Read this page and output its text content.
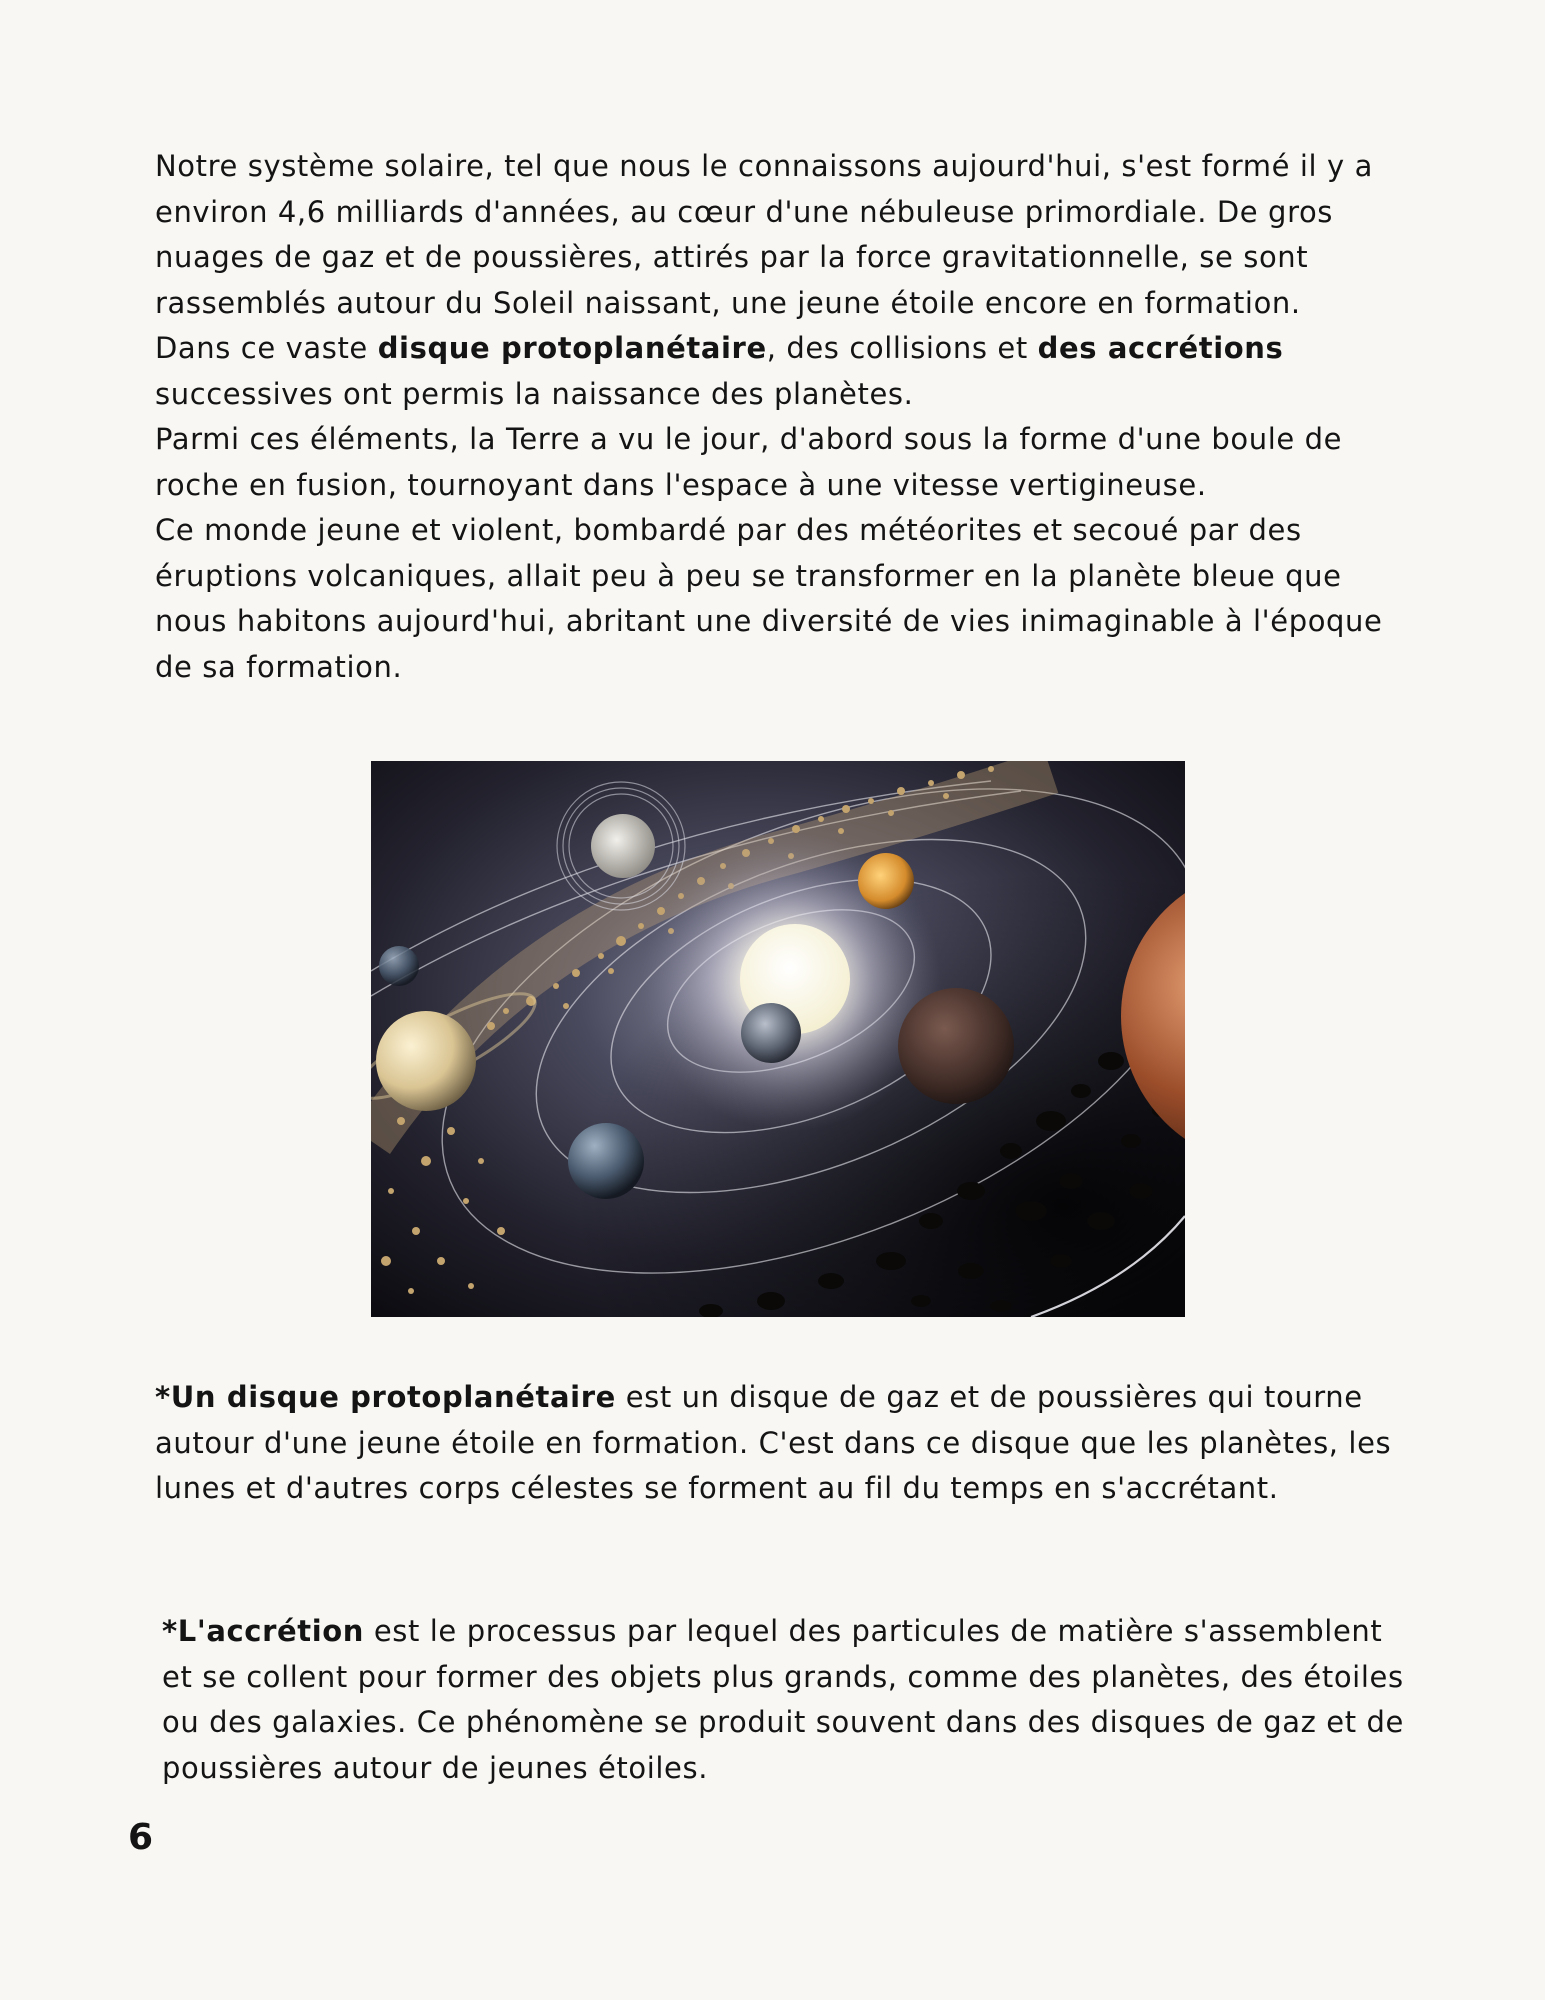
Notre système solaire, tel que nous le connaissons aujourd'hui, s'est formé il y a environ 4,6 milliards d'années, au cœur d'une nébuleuse primordiale. De gros nuages de gaz et de poussières, attirés par la force gravitationnelle, se sont rassemblés autour du Soleil naissant, une jeune étoile encore en formation.

Dans ce vaste disque protoplanétaire, des collisions et des accrétions successives ont permis la naissance des planètes.

Parmi ces éléments, la Terre a vu le jour, d'abord sous la forme d'une boule de roche en fusion, tournoyant dans l'espace à une vitesse vertigineuse.

Ce monde jeune et violent, bombardé par des météorites et secoué par des éruptions volcaniques, allait peu à peu se transformer en la planète bleue que nous habitons aujourd'hui, abritant une diversité de vies inimaginable à l'époque de sa formation.

*Un disque protoplanétaire est un disque de gaz et de poussières qui tourne autour d'une jeune étoile en formation. C'est dans ce disque que les planètes, les lunes et d'autres corps célestes se forment au fil du temps en s'accrétant.

*L'accrétion est le processus par lequel des particules de matière s'assemblent et se collent pour former des objets plus grands, comme des planètes, des étoiles ou des galaxies. Ce phénomène se produit souvent dans des disques de gaz et de poussières autour de jeunes étoiles.

6
